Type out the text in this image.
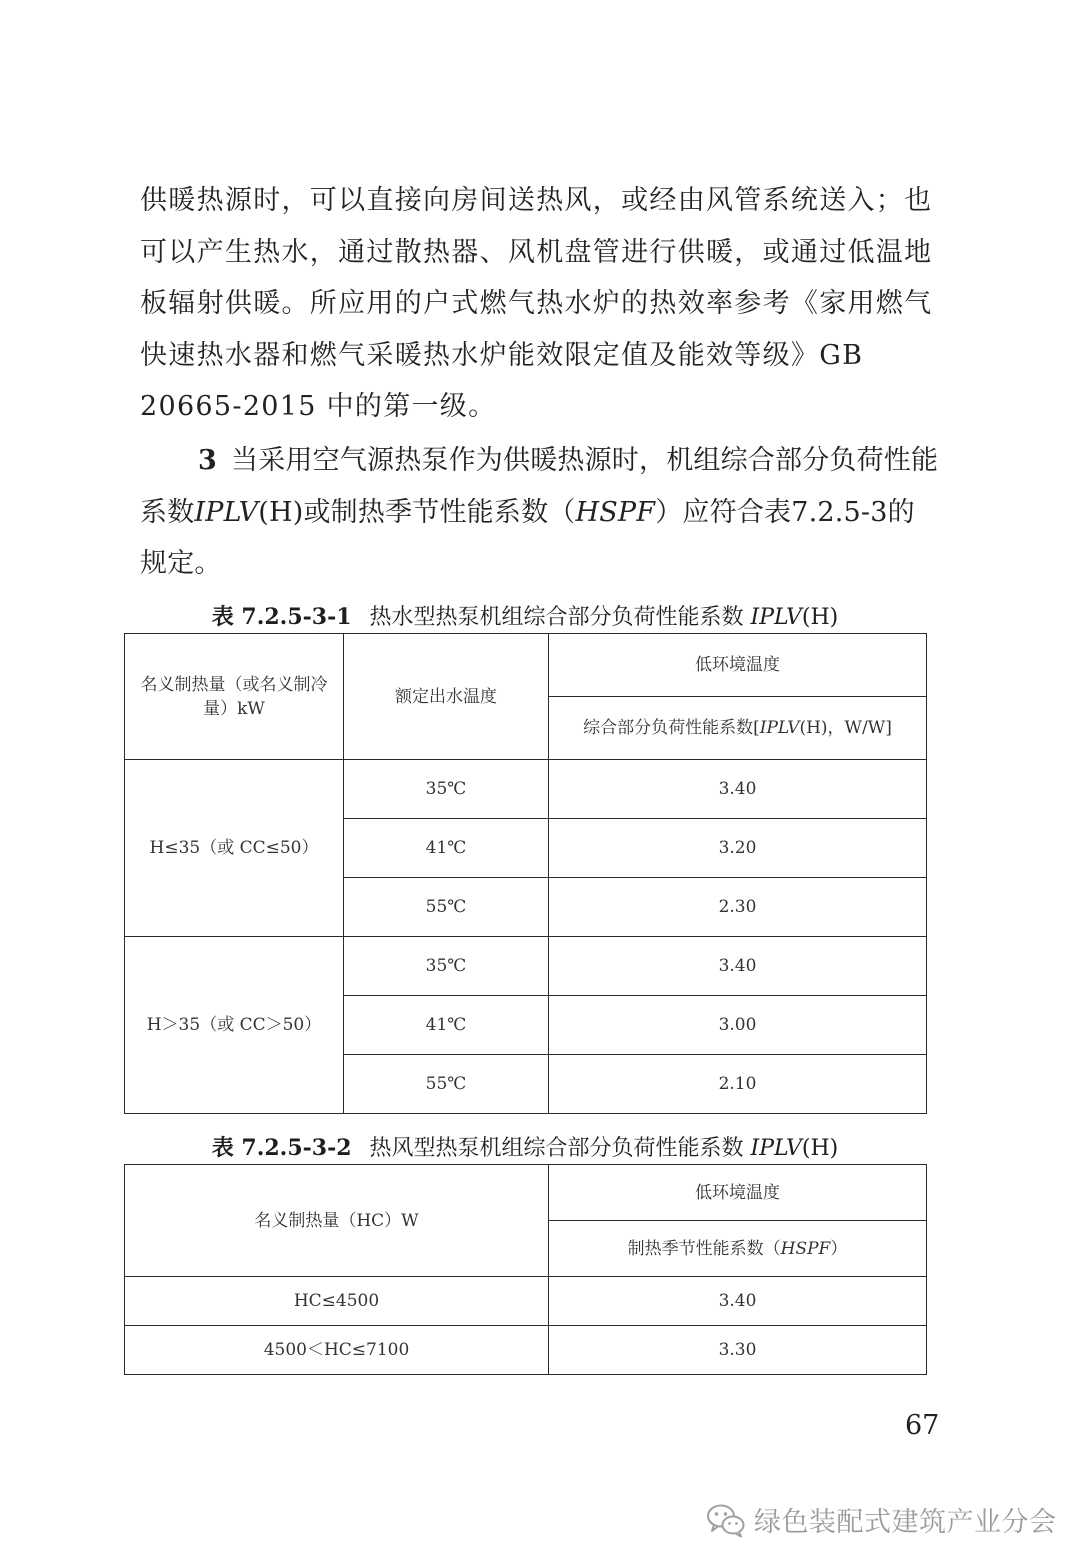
供暖热源时，可以直接向房间送热风，或经由风管系统送入；也可以产生热水，通过散热器、风机盘管进行供暖，或通过低温地板辐射供暖。所应用的户式燃气热水炉的热效率参考《家用燃气快速热水器和燃气采暖热水炉能效限定值及能效等级》GB 20665-2015 中的第一级。

3 当采用空气源热泵作为供暖热源时，机组综合部分负荷性能系数IPLV(H)或制热季节性能系数（HSPF）应符合表7.2.5-3的规定。

表 7.2.5-3-1 热水型热泵机组综合部分负荷性能系数 IPLV(H)
名义制热量（或名义制冷量）kW	额定出水温度	低环境温度
		综合部分负荷性能系数[IPLV(H)，W/W]
H≤35（或 CC≤50）	35℃	3.40
	41℃	3.20
	55℃	2.30
H＞35（或 CC＞50）	35℃	3.40
	41℃	3.00
	55℃	2.10
表 7.2.5-3-2 热风型热泵机组综合部分负荷性能系数 IPLV(H)
名义制热量（HC）W	低环境温度
	制热季节性能系数（HSPF）
HC≤4500	3.40
4500＜HC≤7100	3.30
67
绿色装配式建筑产业分会
